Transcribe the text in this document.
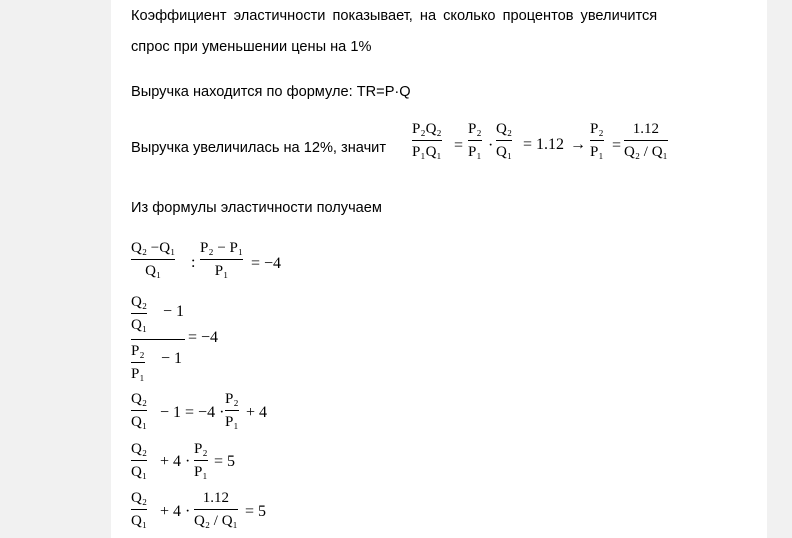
Коэффициент эластичности показывает, на сколько процентов увеличится
спрос при уменьшении цены на 1%
Выручка находится по формуле: TR=P·Q
Выручка увеличилась на 12%, значит
Из формулы эластичности получаем
P₂Q₂
P₁Q₁ =
P₂
P₁ ·
Q₂
Q₁ = 1.12 →
P₂
P₁ =
1.12
Q₂ / Q₁
Q₂ −Q₁
Q₁	:
P₂ − P₁
P₁	= −4
Q₂
Q₁
− 1
P₂
P₁
− 1
= −4
Q₂
Q₁
− 1 = −4 ·
P₂
P₁
+ 4
Q₂
Q₁
+ 4 ·
P₂
P₁
= 5
Q₂
Q₁
+ 4 ·
1.12
Q₂ / Q₁
= 5
